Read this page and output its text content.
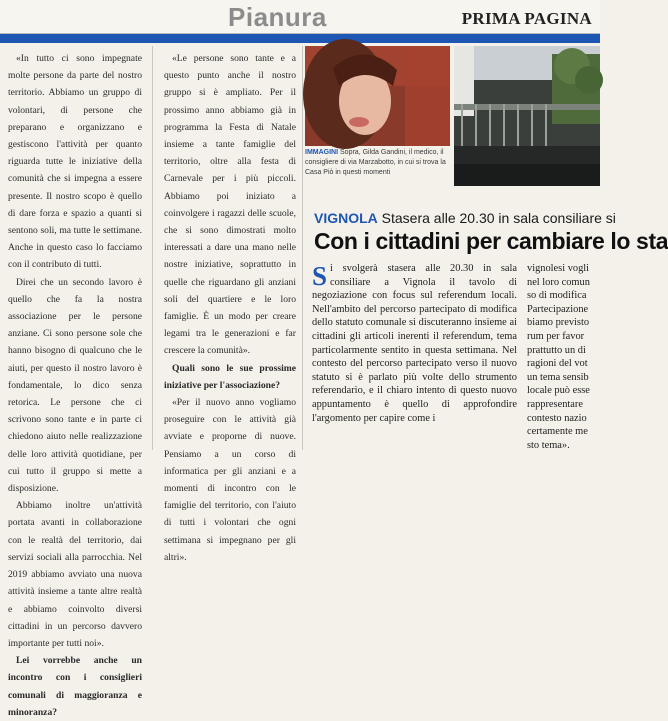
Pianura	PRIMA PAGINA

«In tutto ci sono impegnate molte persone da parte del nostro territorio. Abbiamo un gruppo di volontari, di persone che preparano e organizzano e gestiscono l'attività per quanto riguarda tutte le iniziative della comunità che si impegna a essere presente. Il nostro scopo è quello di dare forza e spazio a quanti si sentono soli, ma tutte le settimane. Anche in questo caso lo facciamo con il contributo di tutti.

Direi che un secondo lavoro è quello che fa la nostra associazione per le persone anziane. Ci sono persone sole che hanno bisogno di qualcuno che le aiuti, per questo il nostro lavoro è fondamentale, lo dico senza retorica. Le persone che ci scrivono sono tante e in parte ci chiedono aiuto nelle realizzazione delle loro attività quotidiane, per cui tutto il gruppo si mette a disposizione.

Abbiamo inoltre un'attività portata avanti in collaborazione con le realtà del territorio, dai servizi sociali alla parrocchia. Nel 2019 abbiamo avviato una nuova attività insieme a tante altre realtà e abbiamo coinvolto diversi cittadini in un percorso davvero importante per tutti noi».

Lei vorrebbe anche un incontro con i consiglieri comunali di maggioranza e minoranza?

«Le persone sono tante e a questo punto anche il nostro gruppo si è ampliato. Per il prossimo anno abbiamo già in programma la Festa di Natale insieme a tante famiglie del territorio, oltre alla festa di Carnevale per i più piccoli. Abbiamo poi iniziato a coinvolgere i ragazzi delle scuole, che si sono dimostrati molto interessati a dare una mano nelle nostre iniziative, soprattutto in quelle che riguardano gli anziani soli del quartiere e le loro famiglie. È un modo per creare legami tra le generazioni e far crescere la comunità».

Quali sono le sue prossime iniziative per l'associazione?

«Per il nuovo anno vogliamo proseguire con le attività già avviate e proporne di nuove. Pensiamo a un corso di informatica per gli anziani e a momenti di incontro con le famiglie del territorio, con l'aiuto di tutti i volontari che ogni settimana si impegnano per gli altri».

IMMAGINI Sopra, Gilda Gandini, il medico, il consigliere di via Marzabotto, in cui si trova la Casa Piò in questi momenti
VIGNOLA Stasera alle 20.30 in sala consiliare si
Con i cittadini per cambiare lo sta
Si svolgerà stasera alle 20.30 in sala consiliare a Vignola il tavolo di negoziazione con focus sul referendum locali. Nell'ambito del percorso partecipato di modifica dello statuto comunale si discuteranno insieme ai cittadini gli articoli inerenti il referendum, tema particolarmente sentito in questa settimana. Nel contesto del percorso partecipato verso il nuovo statuto si è parlato più volte dello strumento referendario, e il chiaro intento di questo nuovo appuntamento è quello di approfondire l'argomento per capire come i
vignolesi vogli
nel loro comun
so di modifica
Partecipazione
biamo previsto
rum per favor
prattutto un di
ragioni del vot
un tema sensib
locale può esse
rappresentare
contesto nazio
certamente me
sto tema».
